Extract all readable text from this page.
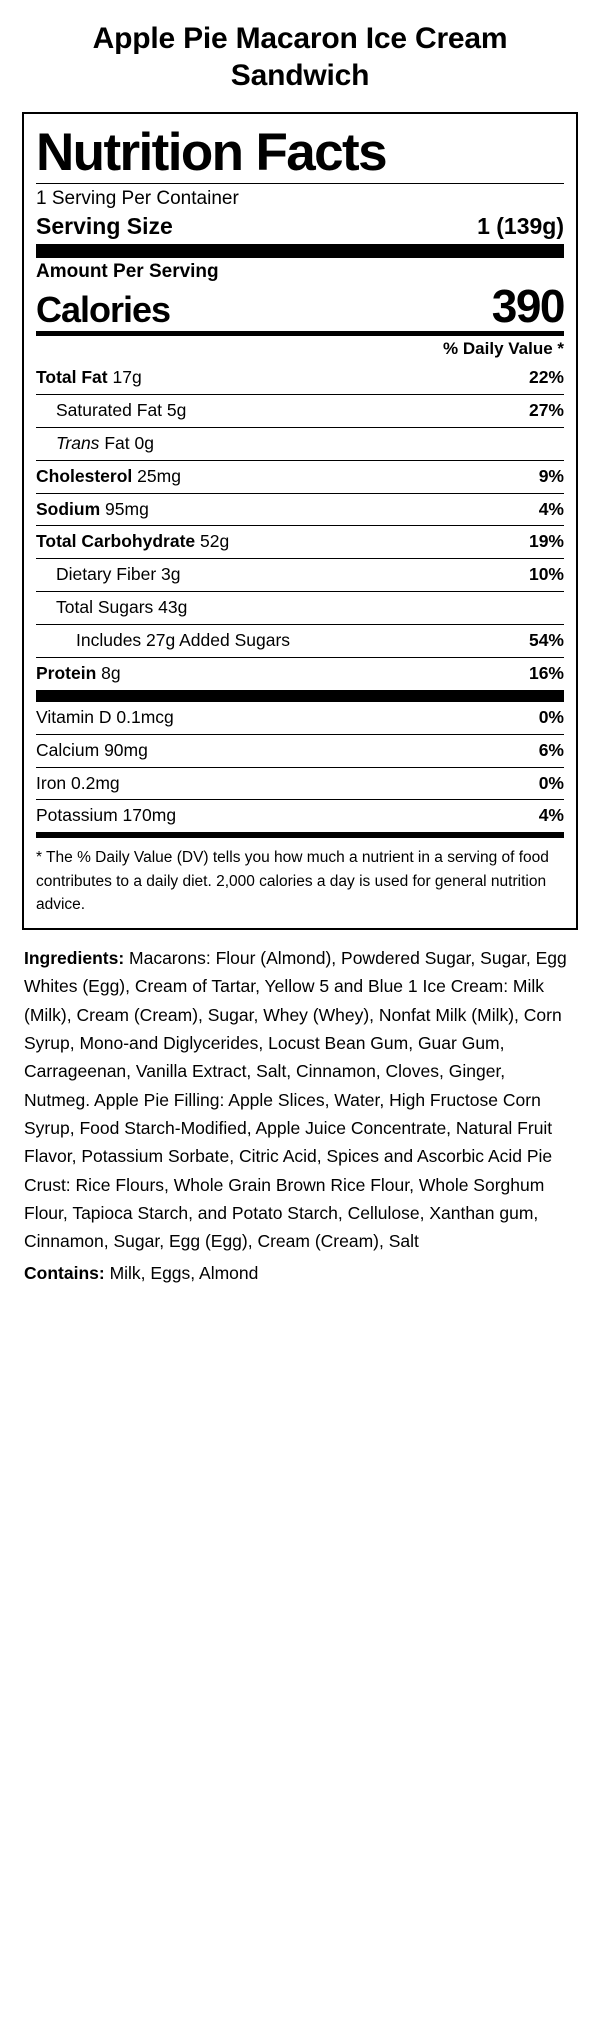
Apple Pie Macaron Ice Cream Sandwich
Nutrition Facts
1 Serving Per Container
Serving Size	1 (139g)
Amount Per Serving
Calories	390
% Daily Value *
Total Fat 17g	22%
Saturated Fat 5g	27%
Trans Fat 0g
Cholesterol 25mg	9%
Sodium 95mg	4%
Total Carbohydrate 52g	19%
Dietary Fiber 3g	10%
Total Sugars 43g
Includes 27g Added Sugars	54%
Protein 8g	16%
Vitamin D 0.1mcg	0%
Calcium 90mg	6%
Iron 0.2mg	0%
Potassium 170mg	4%
* The % Daily Value (DV) tells you how much a nutrient in a serving of food contributes to a daily diet. 2,000 calories a day is used for general nutrition advice.
Ingredients: Macarons: Flour (Almond), Powdered Sugar, Sugar, Egg Whites (Egg), Cream of Tartar, Yellow 5 and Blue 1 Ice Cream: Milk (Milk), Cream (Cream), Sugar, Whey (Whey), Nonfat Milk (Milk), Corn Syrup, Mono-and Diglycerides, Locust Bean Gum, Guar Gum, Carrageenan, Vanilla Extract, Salt, Cinnamon, Cloves, Ginger, Nutmeg. Apple Pie Filling: Apple Slices, Water, High Fructose Corn Syrup, Food Starch-Modified, Apple Juice Concentrate, Natural Fruit Flavor, Potassium Sorbate, Citric Acid, Spices and Ascorbic Acid Pie Crust: Rice Flours, Whole Grain Brown Rice Flour, Whole Sorghum Flour, Tapioca Starch, and Potato Starch, Cellulose, Xanthan gum, Cinnamon, Sugar, Egg (Egg), Cream (Cream), Salt
Contains: Milk, Eggs, Almond
